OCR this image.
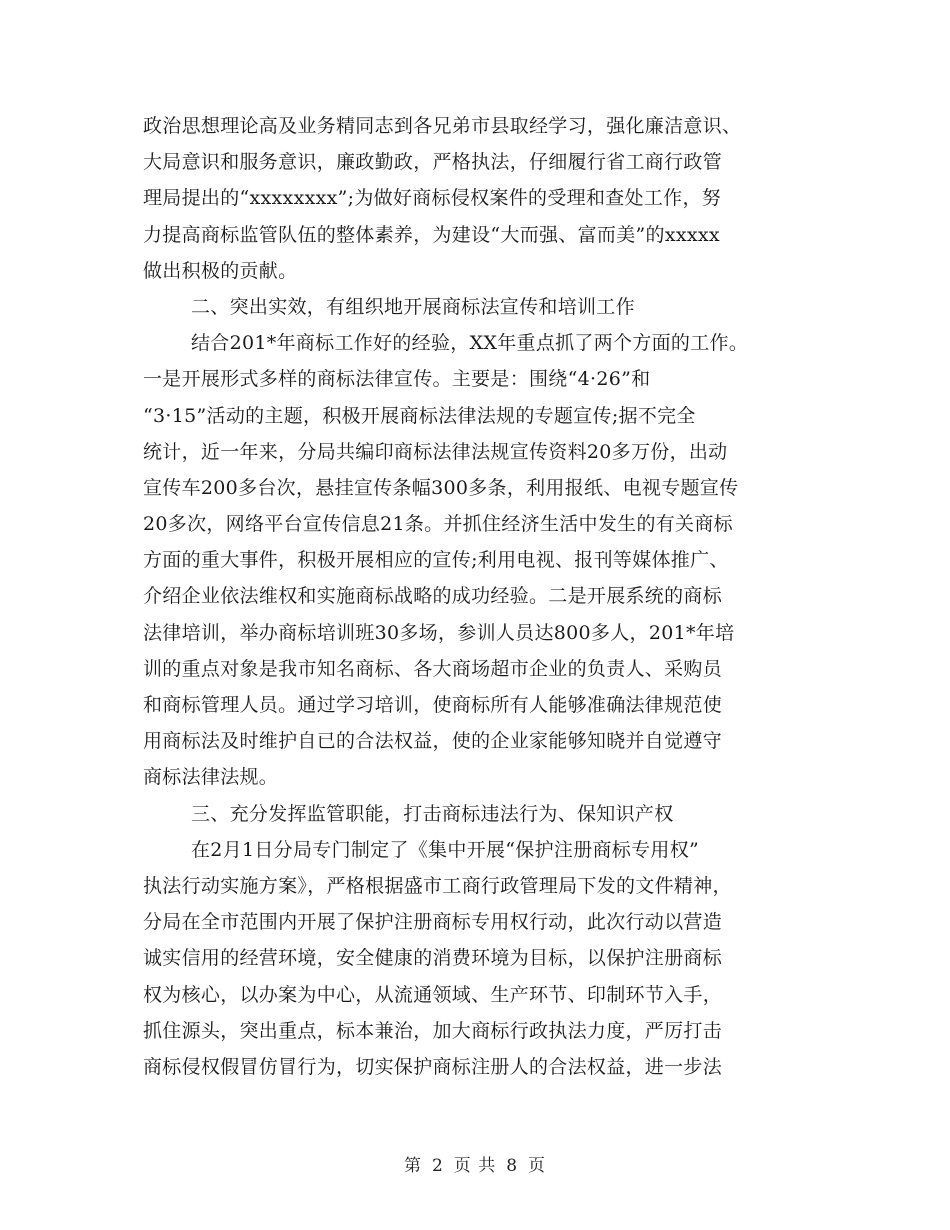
政治思想理论高及业务精同志到各兄弟市县取经学习，强化廉洁意识、
大局意识和服务意识，廉政勤政，严格执法，仔细履行省工商行政管
理局提出的“xxxxxxxx”;为做好商标侵权案件的受理和查处工作，努
力提高商标监管队伍的整体素养，为建设“大而强、富而美”的xxxxx
做出积极的贡献。
二、突出实效，有组织地开展商标法宣传和培训工作
结合201*年商标工作好的经验，XX年重点抓了两个方面的工作。
一是开展形式多样的商标法律宣传。主要是：围绕“4·26”和
“3·15”活动的主题，积极开展商标法律法规的专题宣传;据不完全
统计，近一年来，分局共编印商标法律法规宣传资料20多万份，出动
宣传车200多台次，悬挂宣传条幅300多条，利用报纸、电视专题宣传
20多次，网络平台宣传信息21条。并抓住经济生活中发生的有关商标
方面的重大事件，积极开展相应的宣传;利用电视、报刊等媒体推广、
介绍企业依法维权和实施商标战略的成功经验。二是开展系统的商标
法律培训，举办商标培训班30多场，参训人员达800多人，201*年培
训的重点对象是我市知名商标、各大商场超市企业的负责人、采购员
和商标管理人员。通过学习培训，使商标所有人能够准确法律规范使
用商标法及时维护自已的合法权益，使的企业家能够知晓并自觉遵守
商标法律法规。
三、充分发挥监管职能，打击商标违法行为、保知识产权
在2月1日分局专门制定了《集中开展“保护注册商标专用权”
执法行动实施方案》，严格根据盛市工商行政管理局下发的文件精神，
分局在全市范围内开展了保护注册商标专用权行动，此次行动以营造
诚实信用的经营环境，安全健康的消费环境为目标，以保护注册商标
权为核心，以办案为中心，从流通领域、生产环节、印制环节入手，
抓住源头，突出重点，标本兼治，加大商标行政执法力度，严厉打击
商标侵权假冒仿冒行为，切实保护商标注册人的合法权益，进一步法
第 2 页 共 8 页
